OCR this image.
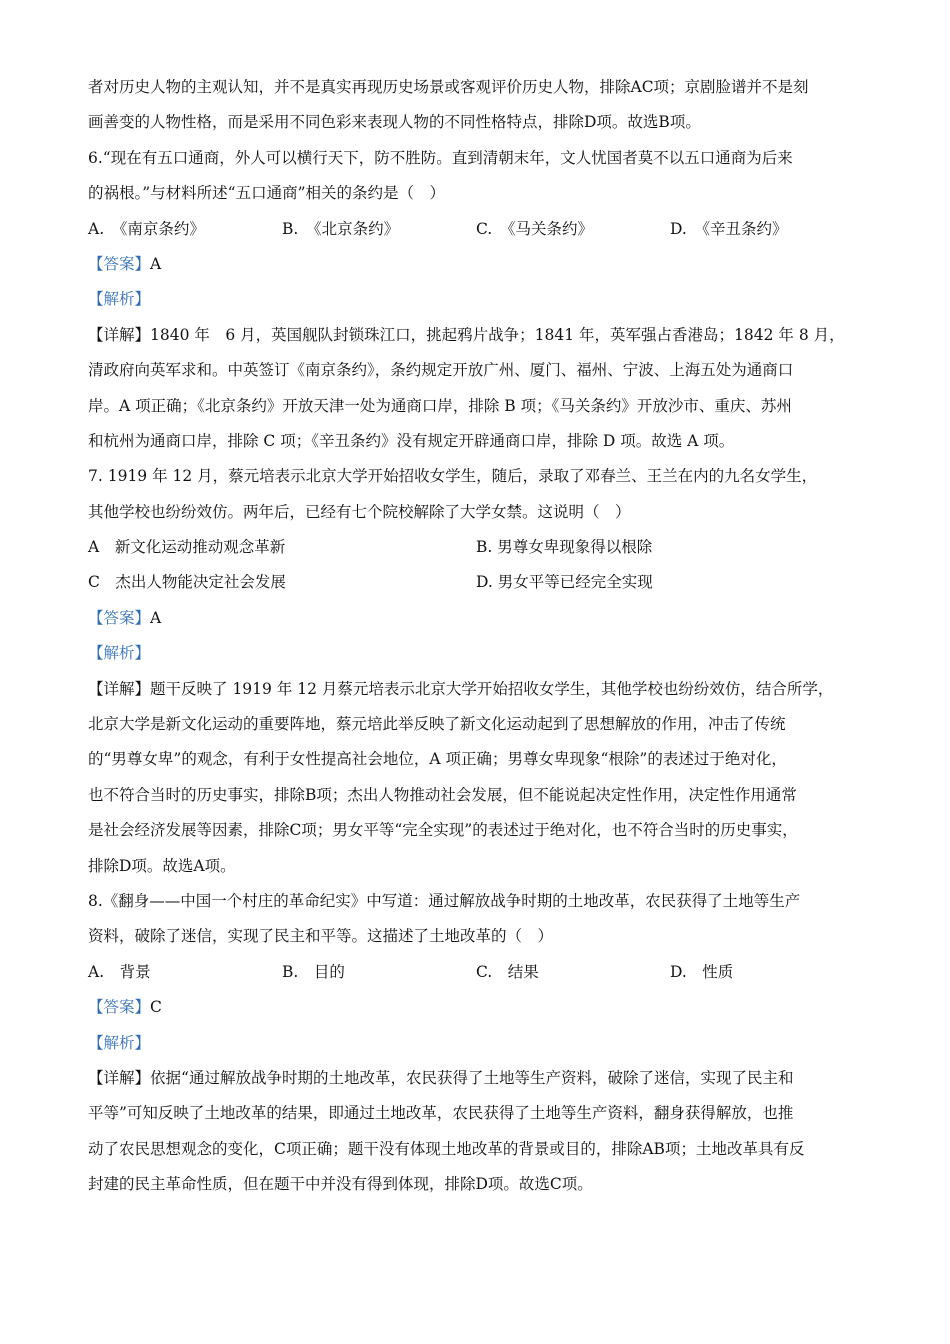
者对历史人物的主观认知，并不是真实再现历史场景或客观评价历史人物，排除AC项；京剧脸谱并不是刻
画善变的人物性格，而是采用不同色彩来表现人物的不同性格特点，排除D项。故选B项。
6.“现在有五口通商，外人可以横行天下，防不胜防。直到清朝末年，文人忧国者莫不以五口通商为后来
的祸根。”与材料所述“五口通商”相关的条约是（　）
A.　《南京条约》	B.　《北京条约》	C.　《马关条约》	D.　《辛丑条约》
【答案】A
【解析】
【详解】1840 年　6 月，英国舰队封锁珠江口，挑起鸦片战争；1841 年，英军强占香港岛；1842 年 8 月，
清政府向英军求和。中英签订《南京条约》，条约规定开放广州、厦门、福州、宁波、上海五处为通商口
岸。A 项正确；《北京条约》开放天津一处为通商口岸，排除 B 项；《马关条约》开放沙市、重庆、苏州
和杭州为通商口岸，排除 C 项；《辛丑条约》没有规定开辟通商口岸，排除 D 项。故选 A 项。
7. 1919 年 12 月，蔡元培表示北京大学开始招收女学生，随后，录取了邓春兰、王兰在内的九名女学生，
其他学校也纷纷效仿。两年后，已经有七个院校解除了大学女禁。这说明（　）
A　新文化运动推动观念革新	B. 男尊女卑现象得以根除
C　杰出人物能决定社会发展	D. 男女平等已经完全实现
【答案】A
【解析】
【详解】题干反映了 1919 年 12 月蔡元培表示北京大学开始招收女学生，其他学校也纷纷效仿，结合所学，
北京大学是新文化运动的重要阵地，蔡元培此举反映了新文化运动起到了思想解放的作用，冲击了传统
的“男尊女卑”的观念，有利于女性提高社会地位，A 项正确；男尊女卑现象“根除”的表述过于绝对化，
也不符合当时的历史事实，排除B项；杰出人物推动社会发展，但不能说起决定性作用，决定性作用通常
是社会经济发展等因素，排除C项；男女平等“完全实现”的表述过于绝对化，也不符合当时的历史事实，
排除D项。故选A项。
8.《翻身——中国一个村庄的革命纪实》中写道：通过解放战争时期的土地改革，农民获得了土地等生产
资料，破除了迷信，实现了民主和平等。这描述了土地改革的（　）
A.　背景	B.　目的	C.　结果	D.　性质
【答案】C
【解析】
【详解】依据“通过解放战争时期的土地改革，农民获得了土地等生产资料，破除了迷信，实现了民主和
平等”可知反映了土地改革的结果，即通过土地改革，农民获得了土地等生产资料，翻身获得解放，也推
动了农民思想观念的变化，C项正确；题干没有体现土地改革的背景或目的，排除AB项；土地改革具有反
封建的民主革命性质，但在题干中并没有得到体现，排除D项。故选C项。
